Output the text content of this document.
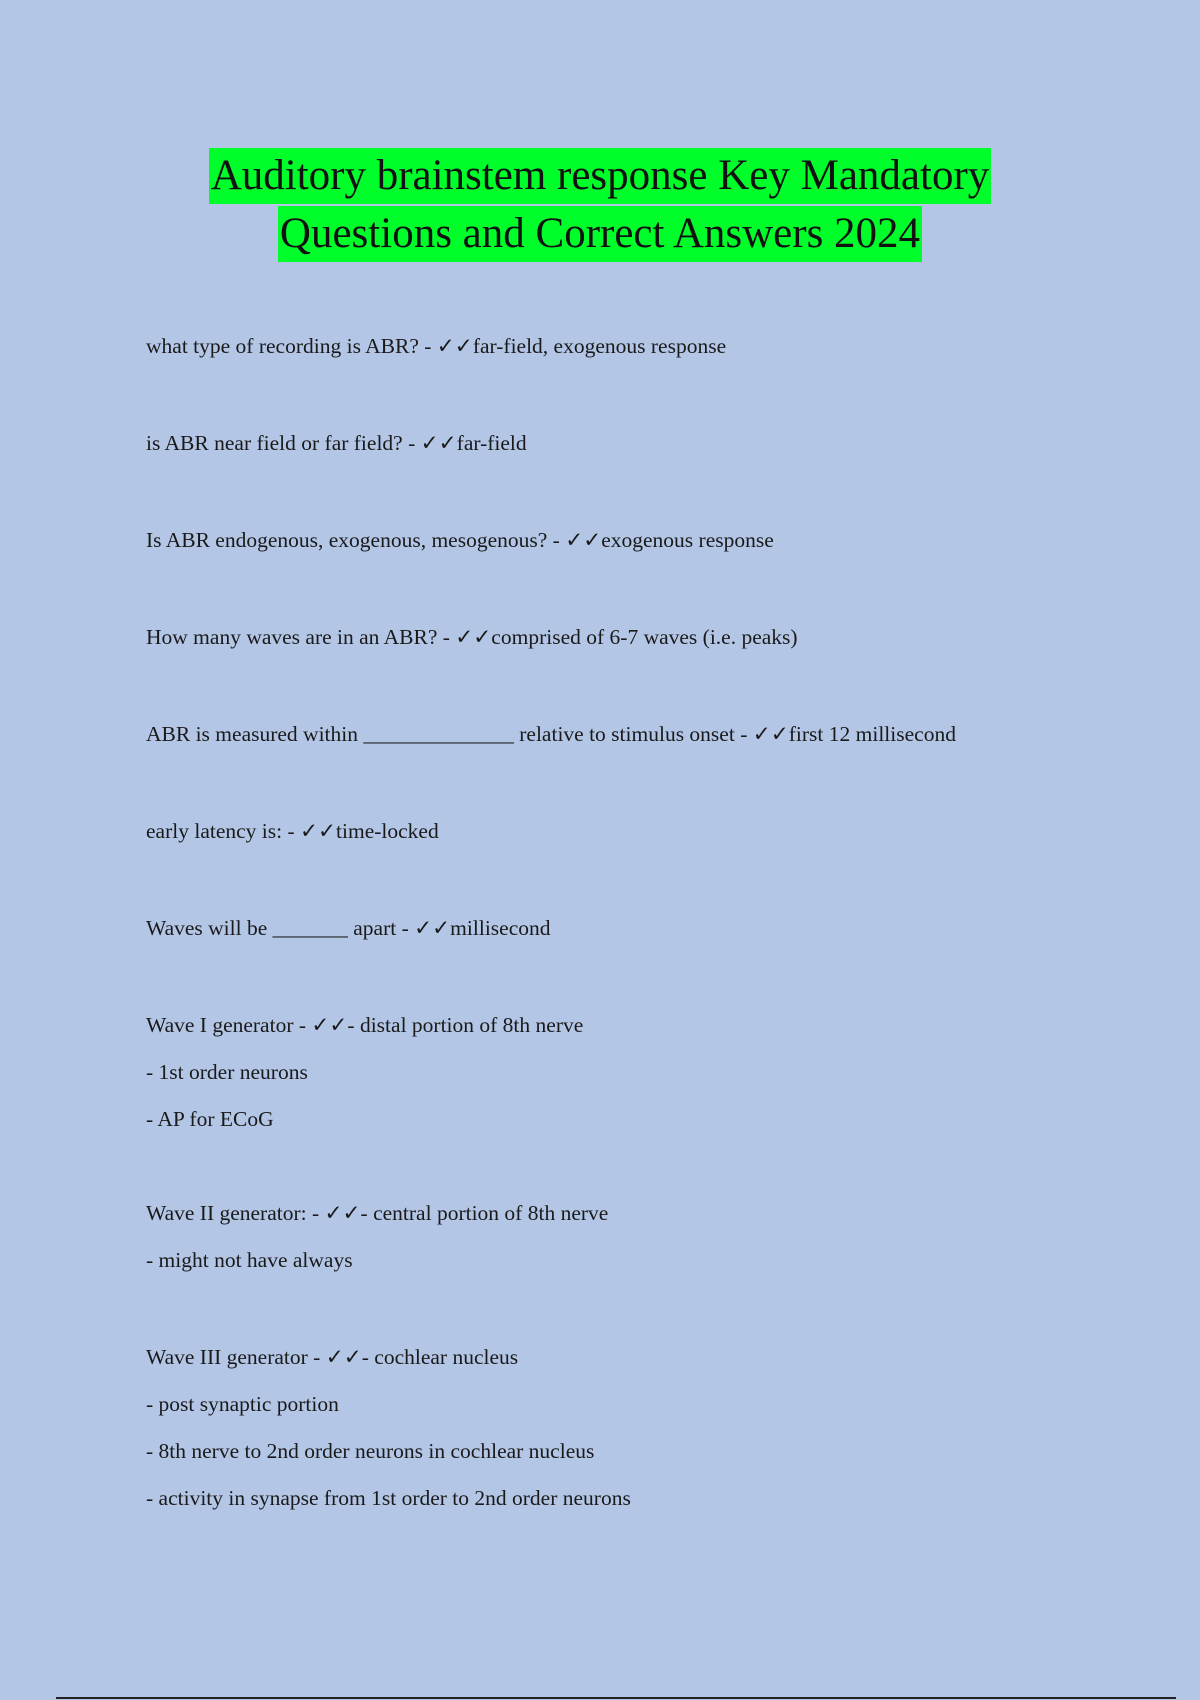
Auditory brainstem response Key Mandatory
Questions and Correct Answers 2024
what type of recording is ABR? - ✓✓far-field, exogenous response
is ABR near field or far field? - ✓✓far-field
Is ABR endogenous, exogenous, mesogenous? - ✓✓exogenous response
How many waves are in an ABR? - ✓✓comprised of 6-7 waves (i.e. peaks)
ABR is measured within ______________ relative to stimulus onset - ✓✓first 12 millisecond
early latency is: - ✓✓time-locked
Waves will be _______ apart - ✓✓millisecond
Wave I generator - ✓✓- distal portion of 8th nerve
- 1st order neurons
- AP for ECoG
Wave II generator: - ✓✓- central portion of 8th nerve
- might not have always
Wave III generator - ✓✓- cochlear nucleus
- post synaptic portion
- 8th nerve to 2nd order neurons in cochlear nucleus
- activity in synapse from 1st order to 2nd order neurons
